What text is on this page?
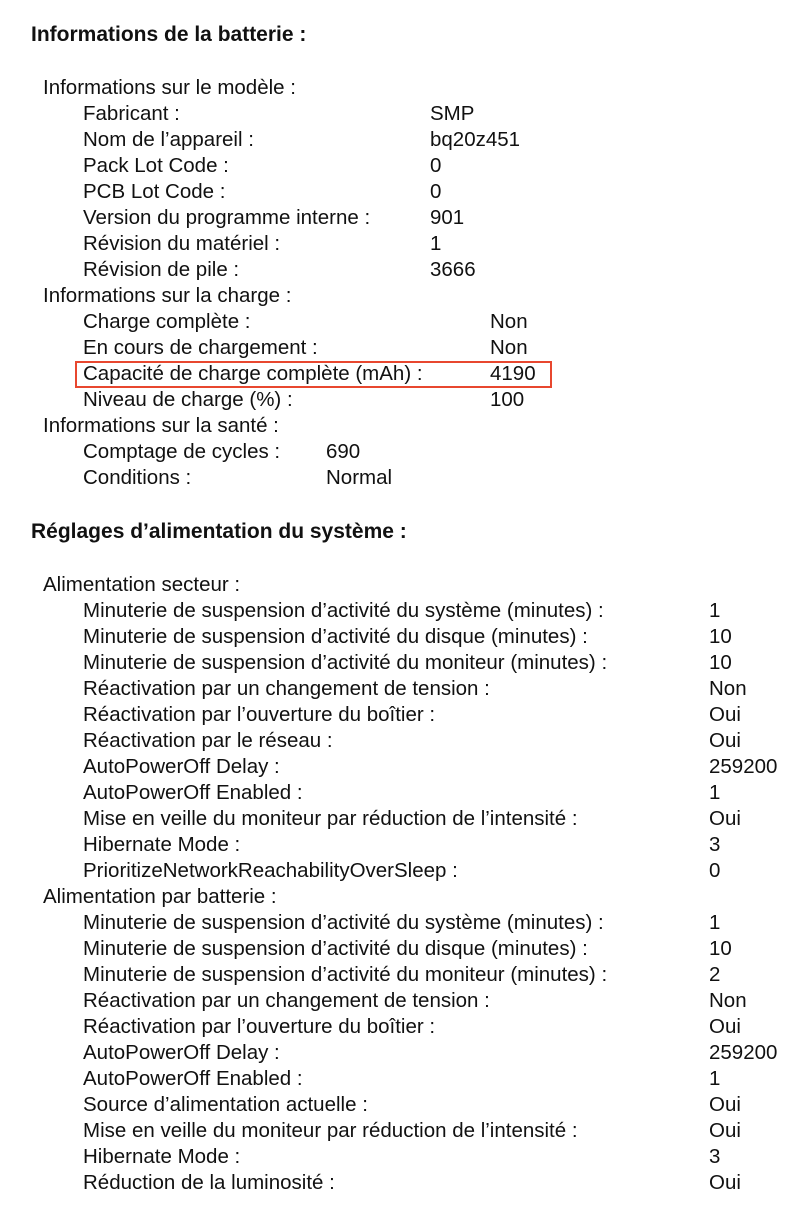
Informations de la batterie :
Informations sur le modèle :
Fabricant :	SMP
Nom de l’appareil :	bq20z451
Pack Lot Code :	0
PCB Lot Code :	0
Version du programme interne :	901
Révision du matériel :	1
Révision de pile :	3666
Informations sur la charge :
Charge complète :	Non
En cours de chargement :	Non
Capacité de charge complète (mAh) :	4190
Niveau de charge (%) :	100
Informations sur la santé :
Comptage de cycles : 690
Conditions :	Normal
Réglages d’alimentation du système :
Alimentation secteur :
Minuterie de suspension d’activité du système (minutes) :	1
Minuterie de suspension d’activité du disque (minutes) :	10
Minuterie de suspension d’activité du moniteur (minutes) :	10
Réactivation par un changement de tension :	Non
Réactivation par l’ouverture du boîtier :	Oui
Réactivation par le réseau :	Oui
AutoPowerOff Delay :	259200
AutoPowerOff Enabled :	1
Mise en veille du moniteur par réduction de l’intensité :	Oui
Hibernate Mode :	3
PrioritizeNetworkReachabilityOverSleep :	0
Alimentation par batterie :
Minuterie de suspension d’activité du système (minutes) :	1
Minuterie de suspension d’activité du disque (minutes) :	10
Minuterie de suspension d’activité du moniteur (minutes) :	2
Réactivation par un changement de tension :	Non
Réactivation par l’ouverture du boîtier :	Oui
AutoPowerOff Delay :	259200
AutoPowerOff Enabled :	1
Source d’alimentation actuelle :	Oui
Mise en veille du moniteur par réduction de l’intensité :	Oui
Hibernate Mode :	3
Réduction de la luminosité :	Oui
